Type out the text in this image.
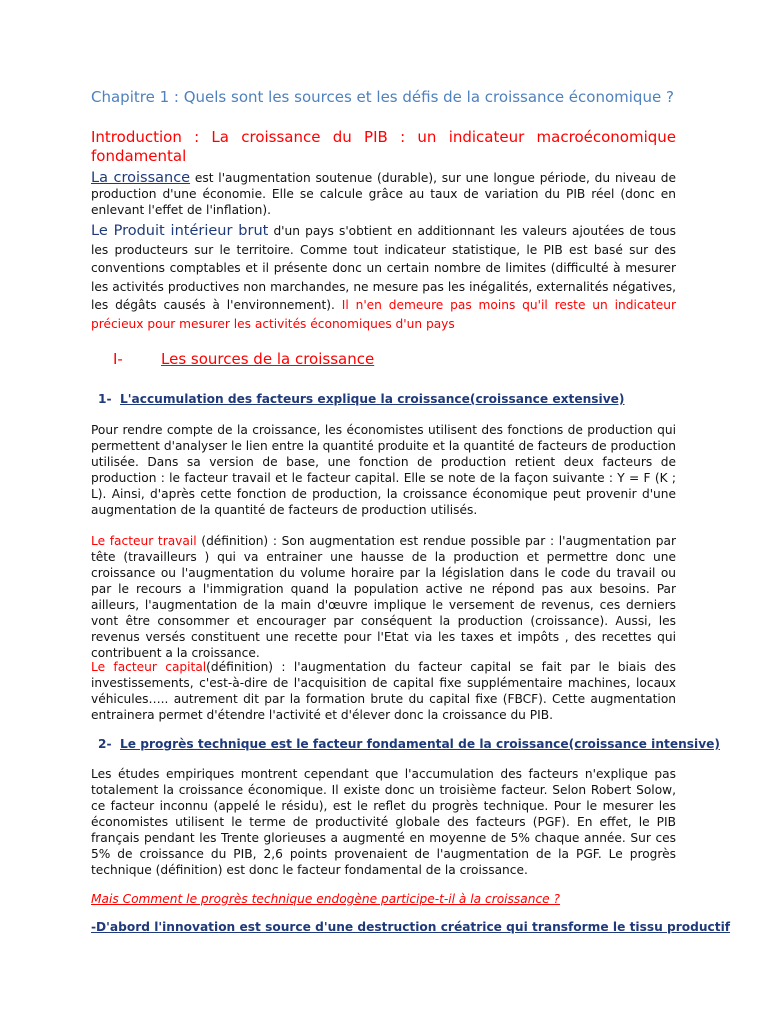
Chapitre 1 : Quels sont les sources et les défis de la croissance économique ?
Introduction : La croissance du PIB : un indicateur macroéconomique
fondamental

La croissance est l'augmentation soutenue (durable), sur une longue période, du niveau de production d'une économie. Elle se calcule grâce au taux de variation du PIB réel (donc en enlevant l'effet de l'inflation).

Le Produit intérieur brut d'un pays s'obtient en additionnant les valeurs ajoutées de tous les producteurs sur le territoire. Comme tout indicateur statistique, le PIB est basé sur des conventions comptables et il présente donc un certain nombre de limites (difficulté à mesurer les activités productives non marchandes, ne mesure pas les inégalités, externalités négatives, les dégâts causés à l'environnement). Il n'en demeure pas moins qu'il reste un indicateur précieux pour mesurer les activités économiques d'un pays

I-	Les sources de la croissance
1- L'accumulation des facteurs explique la croissance(croissance extensive)

Pour rendre compte de la croissance, les économistes utilisent des fonctions de production qui permettent d'analyser le lien entre la quantité produite et la quantité de facteurs de production utilisée. Dans sa version de base, une fonction de production retient deux facteurs de production : le facteur travail et le facteur capital. Elle se note de la façon suivante : Y = F (K ; L). Ainsi, d'après cette fonction de production, la croissance économique peut provenir d'une augmentation de la quantité de facteurs de production utilisés.

Le facteur travail (définition) : Son augmentation est rendue possible par : l'augmentation par tête (travailleurs ) qui va entrainer une hausse de la production et permettre donc une croissance ou l'augmentation du volume horaire par la législation dans le code du travail ou par le recours a l'immigration quand la population active ne répond pas aux besoins. Par ailleurs, l'augmentation de la main d'œuvre implique le versement de revenus, ces derniers vont être consommer et encourager par conséquent la production (croissance). Aussi, les revenus versés constituent une recette pour l'Etat via les taxes et impôts , des recettes qui contribuent a la croissance.

Le facteur capital(définition) : l'augmentation du facteur capital se fait par le biais des investissements, c'est-à-dire de l'acquisition de capital fixe supplémentaire machines, locaux véhicules….. autrement dit par la formation brute du capital fixe (FBCF). Cette augmentation entrainera permet d'étendre l'activité et d'élever donc la croissance du PIB.

2- Le progrès technique est le facteur fondamental de la croissance(croissance intensive)

Les études empiriques montrent cependant que l'accumulation des facteurs n'explique pas totalement la croissance économique. Il existe donc un troisième facteur. Selon Robert Solow, ce facteur inconnu (appelé le résidu), est le reflet du progrès technique. Pour le mesurer les économistes utilisent le terme de productivité globale des facteurs (PGF). En effet, le PIB français pendant les Trente glorieuses a augmenté en moyenne de 5% chaque année. Sur ces 5% de croissance du PIB, 2,6 points provenaient de l'augmentation de la PGF. Le progrès technique (définition) est donc le facteur fondamental de la croissance.

Mais Comment le progrès technique endogène participe-t-il à la croissance ?
-D'abord l'innovation est source d'une destruction créatrice qui transforme le tissu productif
